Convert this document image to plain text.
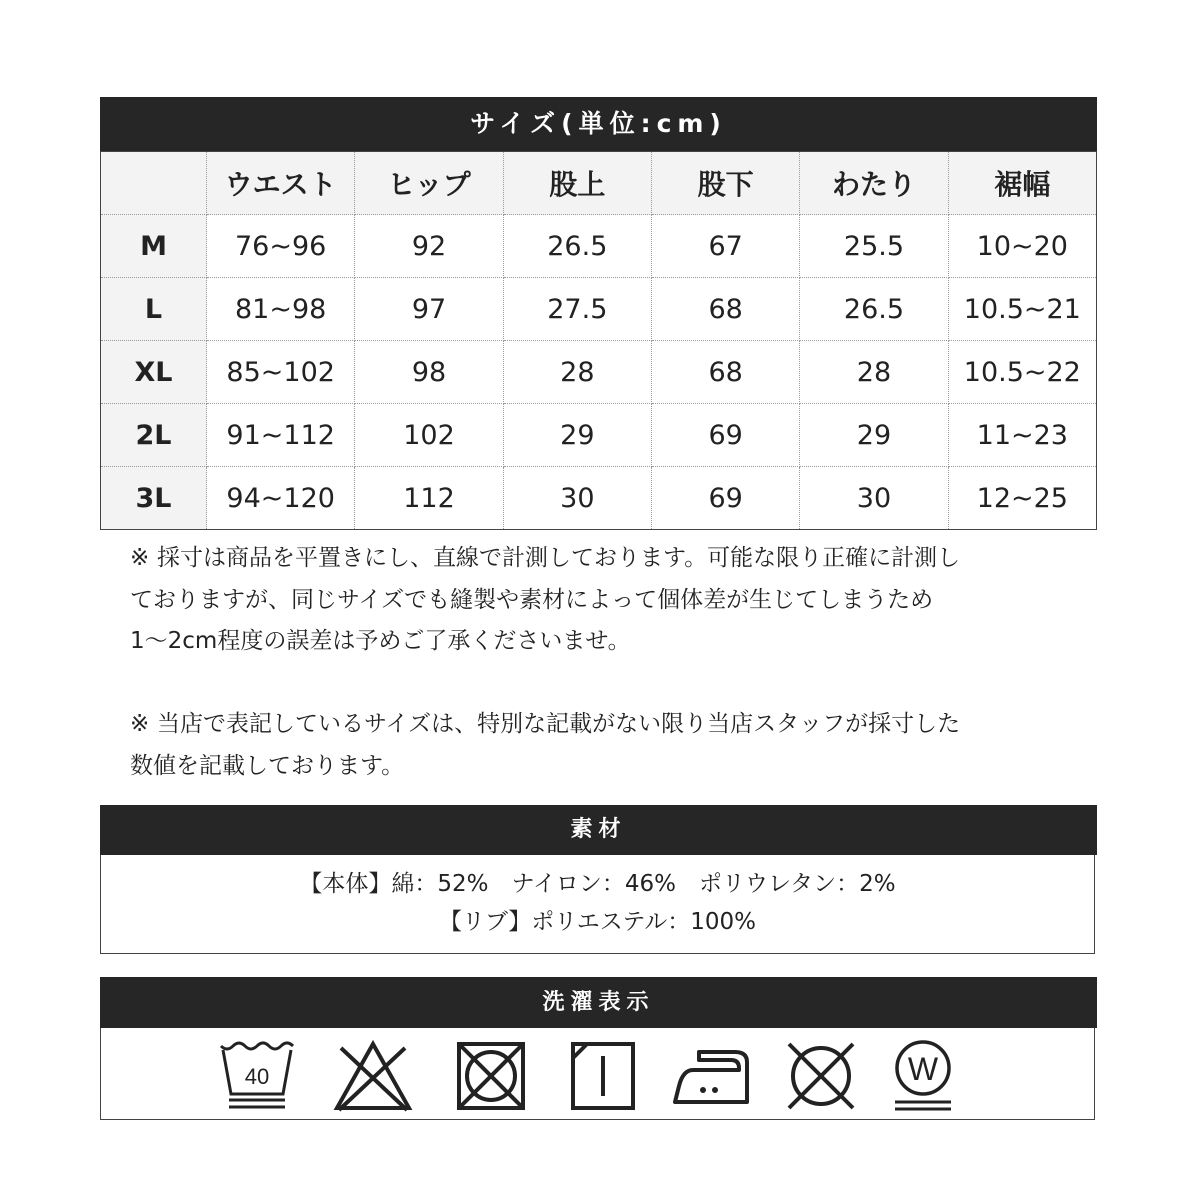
サイズ(単位:cm)
	ウエスト	ヒップ	股上	股下	わたり	裾幅
M	76~96	92	26.5	67	25.5	10~20
L	81~98	97	27.5	68	26.5	10.5~21
XL	85~102	98	28	68	28	10.5~22
2L	91~112	102	29	69	29	11~23
3L	94~120	112	30	69	30	12~25

※ 採寸は商品を平置きにし、直線で計測しております。可能な限り正確に計測し

ておりますが、同じサイズでも縫製や素材によって個体差が生じてしまうため

1～2cm程度の誤差は予めご了承くださいませ。

※ 当店で表記しているサイズは、特別な記載がない限り当店スタッフが採寸した

数値を記載しております。

素材
【本体】綿：52%　ナイロン：46%　ポリウレタン：2%
【リブ】ポリエステル：100%
洗濯表示
40	W
